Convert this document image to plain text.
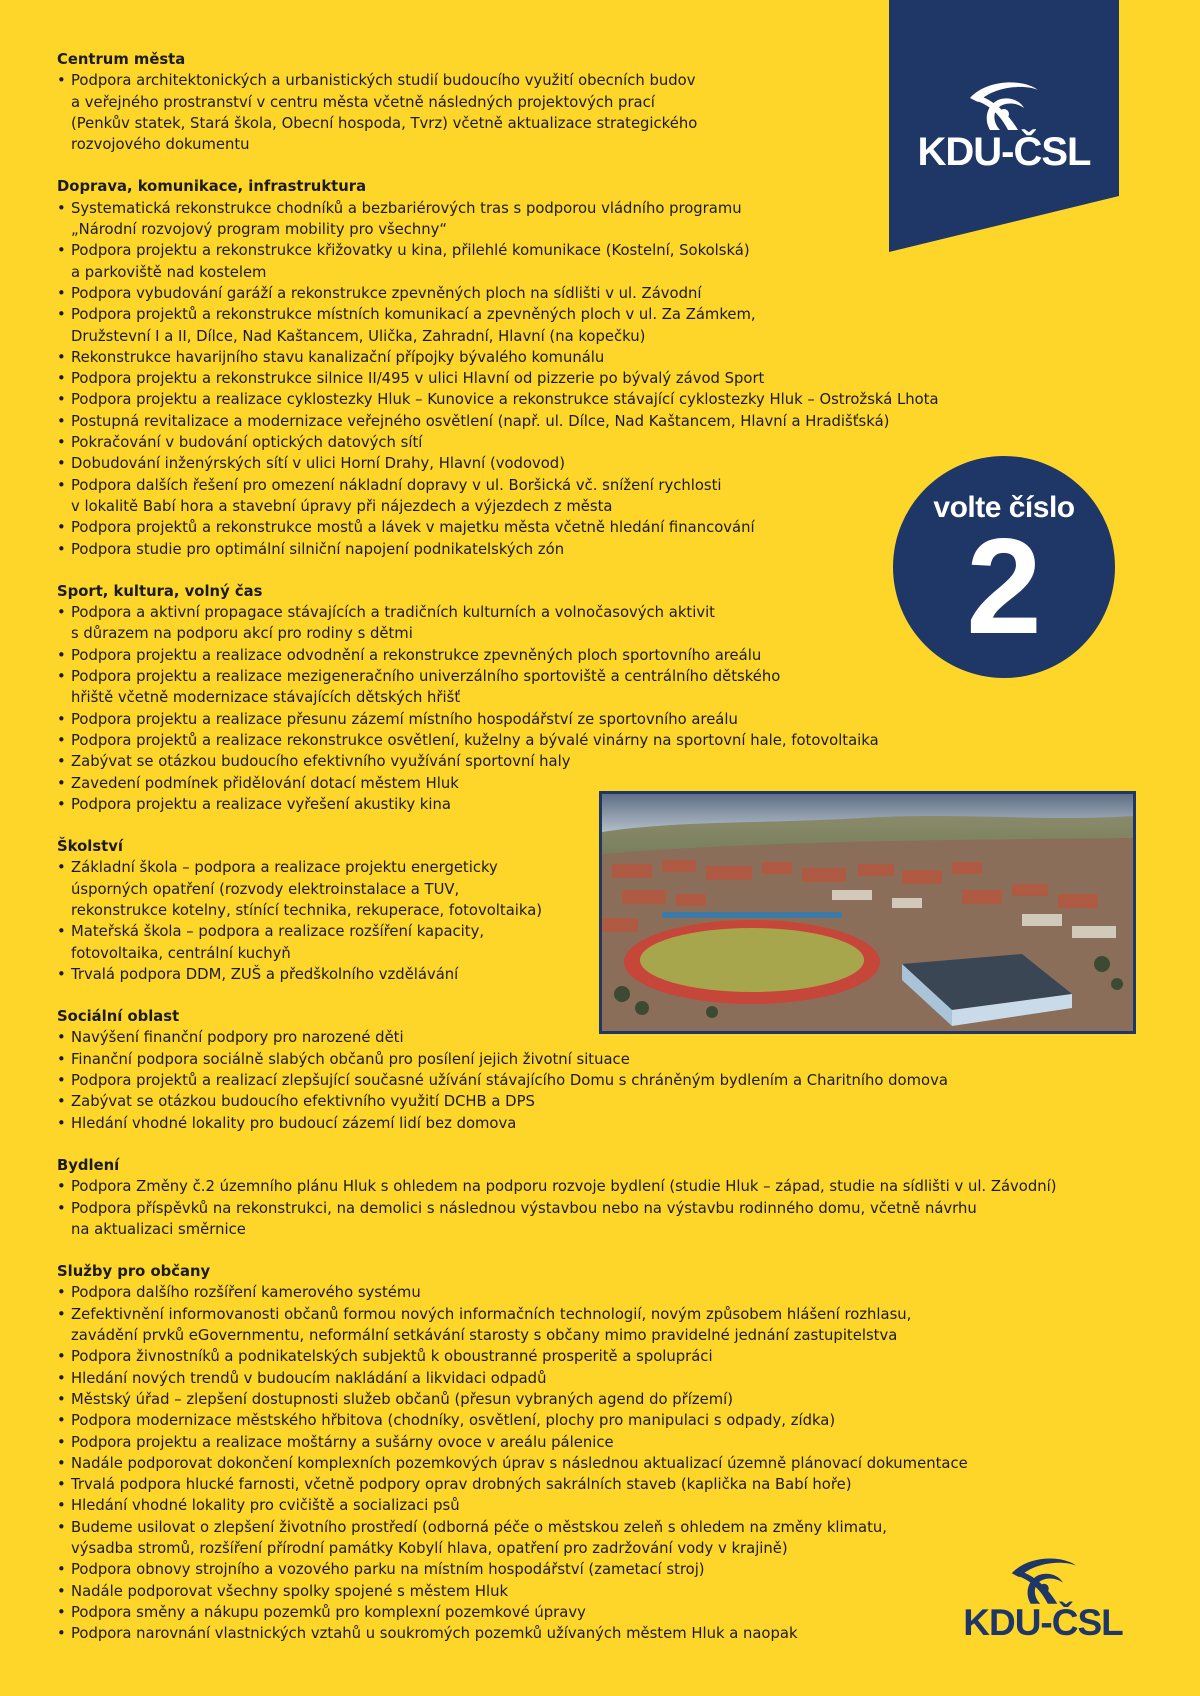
KDU-ČSL
volte číslo
2
Centrum města
• Podpora architektonických a urbanistických studií budoucího využití obecních budov
a veřejného prostranství v centru města včetně následných projektových prací
(Penkův statek, Stará škola, Obecní hospoda, Tvrz) včetně aktualizace strategického
rozvojového dokumentu
Doprava, komunikace, infrastruktura
• Systematická rekonstrukce chodníků a bezbariérových tras s podporou vládního programu
„Národní rozvojový program mobility pro všechny“
• Podpora projektu a rekonstrukce křižovatky u kina, přilehlé komunikace (Kostelní, Sokolská)
a parkoviště nad kostelem
• Podpora vybudování garáží a rekonstrukce zpevněných ploch na sídlišti v ul. Závodní
• Podpora projektů a rekonstrukce místních komunikací a zpevněných ploch v ul. Za Zámkem,
Družstevní I a II, Dílce, Nad Kaštancem, Ulička, Zahradní, Hlavní (na kopečku)
• Rekonstrukce havarijního stavu kanalizační přípojky bývalého komunálu
• Podpora projektu a rekonstrukce silnice II/495 v ulici Hlavní od pizzerie po bývalý závod Sport
• Podpora projektu a realizace cyklostezky Hluk – Kunovice a rekonstrukce stávající cyklostezky Hluk – Ostrožská Lhota
• Postupná revitalizace a modernizace veřejného osvětlení (např. ul. Dílce, Nad Kaštancem, Hlavní a Hradišťská)
• Pokračování v budování optických datových sítí
• Dobudování inženýrských sítí v ulici Horní Drahy, Hlavní (vodovod)
• Podpora dalších řešení pro omezení nákladní dopravy v ul. Boršická vč. snížení rychlosti
v lokalitě Babí hora a stavební úpravy při nájezdech a výjezdech z města
• Podpora projektů a rekonstrukce mostů a lávek v majetku města včetně hledání financování
• Podpora studie pro optimální silniční napojení podnikatelských zón
Sport, kultura, volný čas
• Podpora a aktivní propagace stávajících a tradičních kulturních a volnočasových aktivit
s důrazem na podporu akcí pro rodiny s dětmi
• Podpora projektu a realizace odvodnění a rekonstrukce zpevněných ploch sportovního areálu
• Podpora projektu a realizace mezigeneračního univerzálního sportoviště a centrálního dětského
hřiště včetně modernizace stávajících dětských hřišť
• Podpora projektu a realizace přesunu zázemí místního hospodářství ze sportovního areálu
• Podpora projektů a realizace rekonstrukce osvětlení, kuželny a bývalé vinárny na sportovní hale, fotovoltaika
• Zabývat se otázkou budoucího efektivního využívání sportovní haly
• Zavedení podmínek přidělování dotací městem Hluk
• Podpora projektu a realizace vyřešení akustiky kina
Školství
• Základní škola – podpora a realizace projektu energeticky
úsporných opatření (rozvody elektroinstalace a TUV,
rekonstrukce kotelny, stínící technika, rekuperace, fotovoltaika)
• Mateřská škola – podpora a realizace rozšíření kapacity,
fotovoltaika, centrální kuchyň
• Trvalá podpora DDM, ZUŠ a předškolního vzdělávání
Sociální oblast
• Navýšení finanční podpory pro narozené děti
• Finanční podpora sociálně slabých občanů pro posílení jejich životní situace
• Podpora projektů a realizací zlepšující současné užívání stávajícího Domu s chráněným bydlením a Charitního domova
• Zabývat se otázkou budoucího efektivního využití DCHB a DPS
• Hledání vhodné lokality pro budoucí zázemí lidí bez domova
Bydlení
• Podpora Změny č.2 územního plánu Hluk s ohledem na podporu rozvoje bydlení (studie Hluk – západ, studie na sídlišti v ul. Závodní)
• Podpora příspěvků na rekonstrukci, na demolici s následnou výstavbou nebo na výstavbu rodinného domu, včetně návrhu
na aktualizaci směrnice
Služby pro občany
• Podpora dalšího rozšíření kamerového systému
• Zefektivnění informovanosti občanů formou nových informačních technologií, novým způsobem hlášení rozhlasu,
zavádění prvků eGovernmentu, neformální setkávání starosty s občany mimo pravidelné jednání zastupitelstva
• Podpora živnostníků a podnikatelských subjektů k oboustranné prosperitě a spolupráci
• Hledání nových trendů v budoucím nakládání a likvidaci odpadů
• Městský úřad – zlepšení dostupnosti služeb občanů (přesun vybraných agend do přízemí)
• Podpora modernizace městského hřbitova (chodníky, osvětlení, plochy pro manipulaci s odpady, zídka)
• Podpora projektu a realizace moštárny a sušárny ovoce v areálu pálenice
• Nadále podporovat dokončení komplexních pozemkových úprav s následnou aktualizací územně plánovací dokumentace
• Trvalá podpora hlucké farnosti, včetně podpory oprav drobných sakrálních staveb (kaplička na Babí hoře)
• Hledání vhodné lokality pro cvičiště a socializaci psů
• Budeme usilovat o zlepšení životního prostředí (odborná péče o městskou zeleň s ohledem na změny klimatu,
výsadba stromů, rozšíření přírodní památky Kobylí hlava, opatření pro zadržování vody v krajině)
• Podpora obnovy strojního a vozového parku na místním hospodářství (zametací stroj)
• Nadále podporovat všechny spolky spojené s městem Hluk
• Podpora směny a nákupu pozemků pro komplexní pozemkové úpravy
• Podpora narovnání vlastnických vztahů u soukromých pozemků užívaných městem Hluk a naopak	KDU-ČSL
